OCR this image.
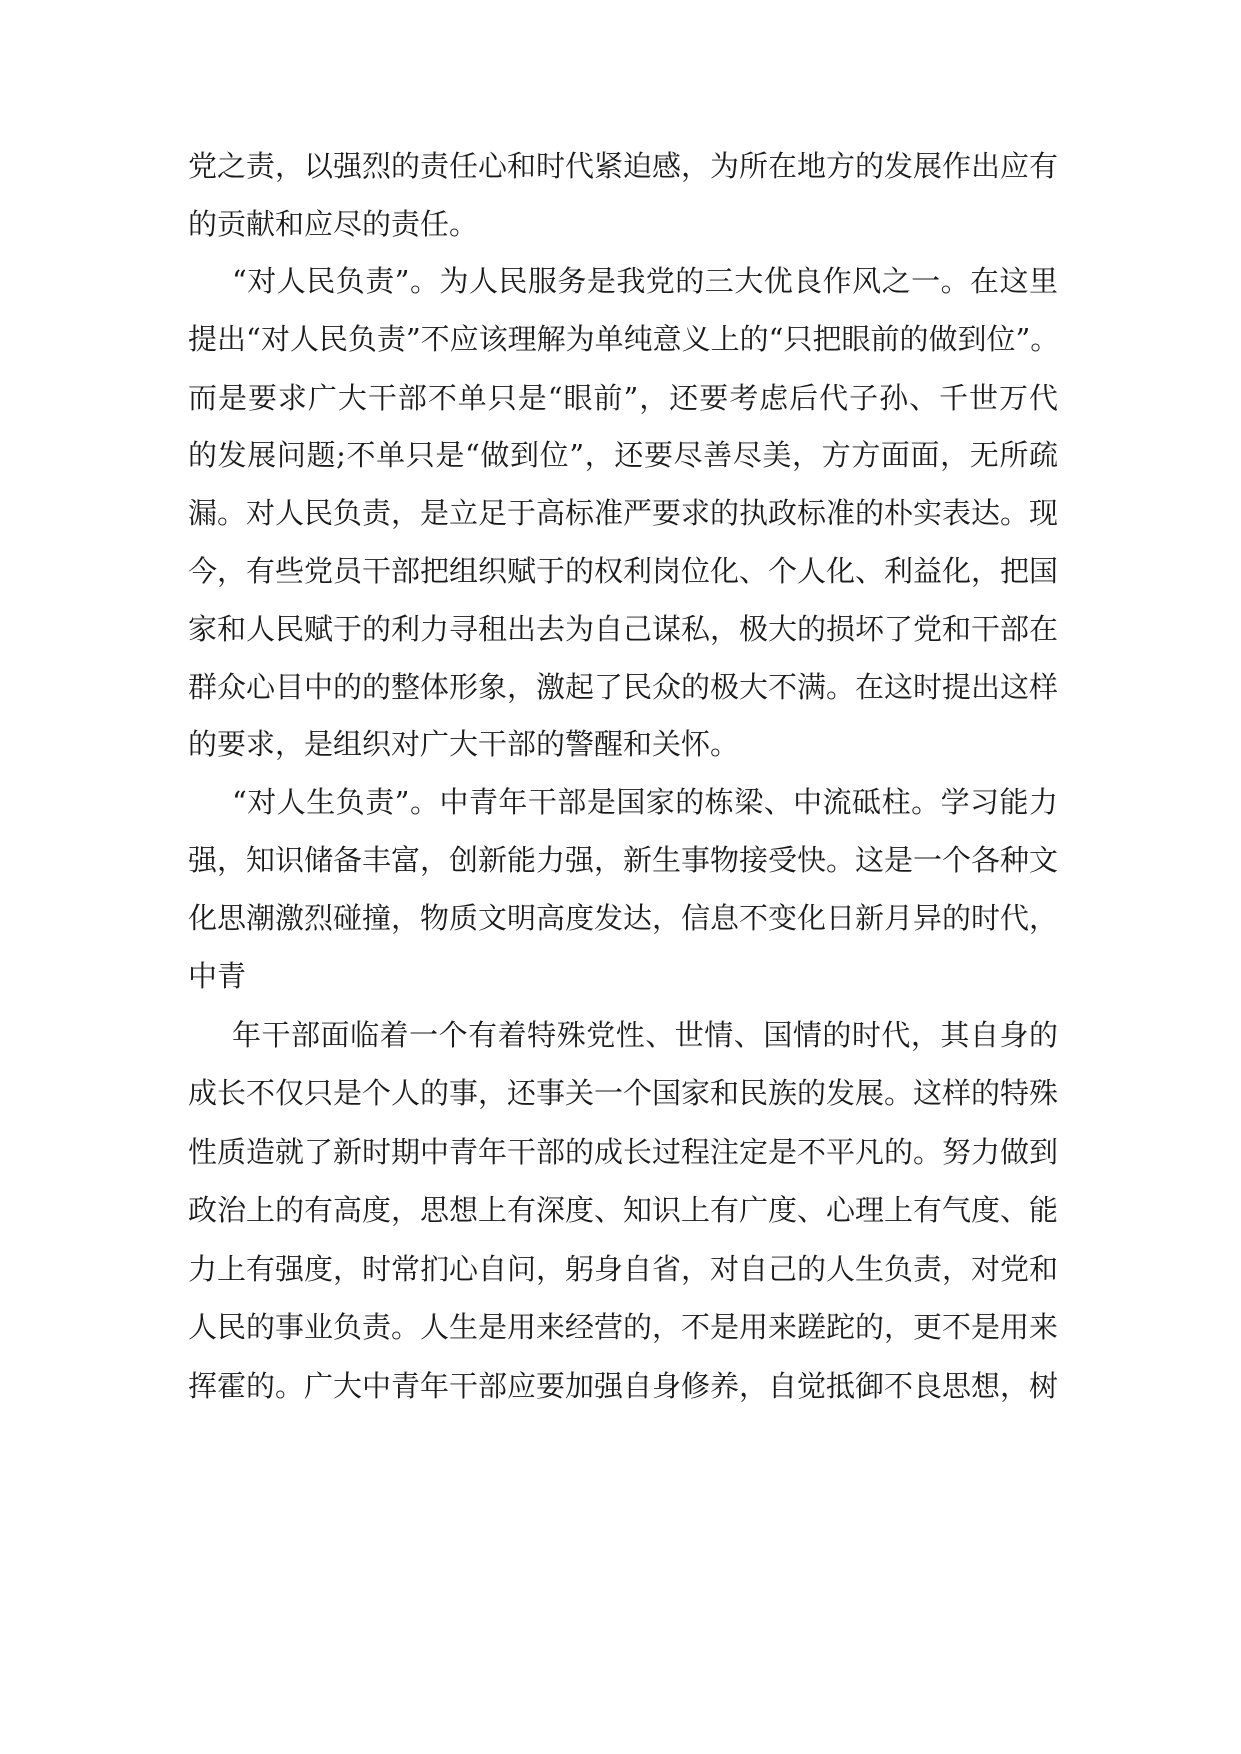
党之责，以强烈的责任心和时代紧迫感，为所在地方的发展作出应有
的贡献和应尽的责任。
“对人民负责”。为人民服务是我党的三大优良作风之一。在这里
提出“对人民负责”不应该理解为单纯意义上的“只把眼前的做到位”。
而是要求广大干部不单只是“眼前”，还要考虑后代子孙、千世万代
的发展问题;不单只是“做到位”，还要尽善尽美，方方面面，无所疏
漏。对人民负责，是立足于高标准严要求的执政标准的朴实表达。现
今，有些党员干部把组织赋于的权利岗位化、个人化、利益化，把国
家和人民赋于的利力寻租出去为自己谋私，极大的损坏了党和干部在
群众心目中的的整体形象，激起了民众的极大不满。在这时提出这样
的要求，是组织对广大干部的警醒和关怀。
“对人生负责”。中青年干部是国家的栋梁、中流砥柱。学习能力
强，知识储备丰富，创新能力强，新生事物接受快。这是一个各种文
化思潮激烈碰撞，物质文明高度发达，信息不变化日新月异的时代，
中青
年干部面临着一个有着特殊党性、世情、国情的时代，其自身的
成长不仅只是个人的事，还事关一个国家和民族的发展。这样的特殊
性质造就了新时期中青年干部的成长过程注定是不平凡的。努力做到
政治上的有高度，思想上有深度、知识上有广度、心理上有气度、能
力上有强度，时常扪心自问，躬身自省，对自己的人生负责，对党和
人民的事业负责。人生是用来经营的，不是用来蹉跎的，更不是用来
挥霍的。广大中青年干部应要加强自身修养，自觉抵御不良思想，树
